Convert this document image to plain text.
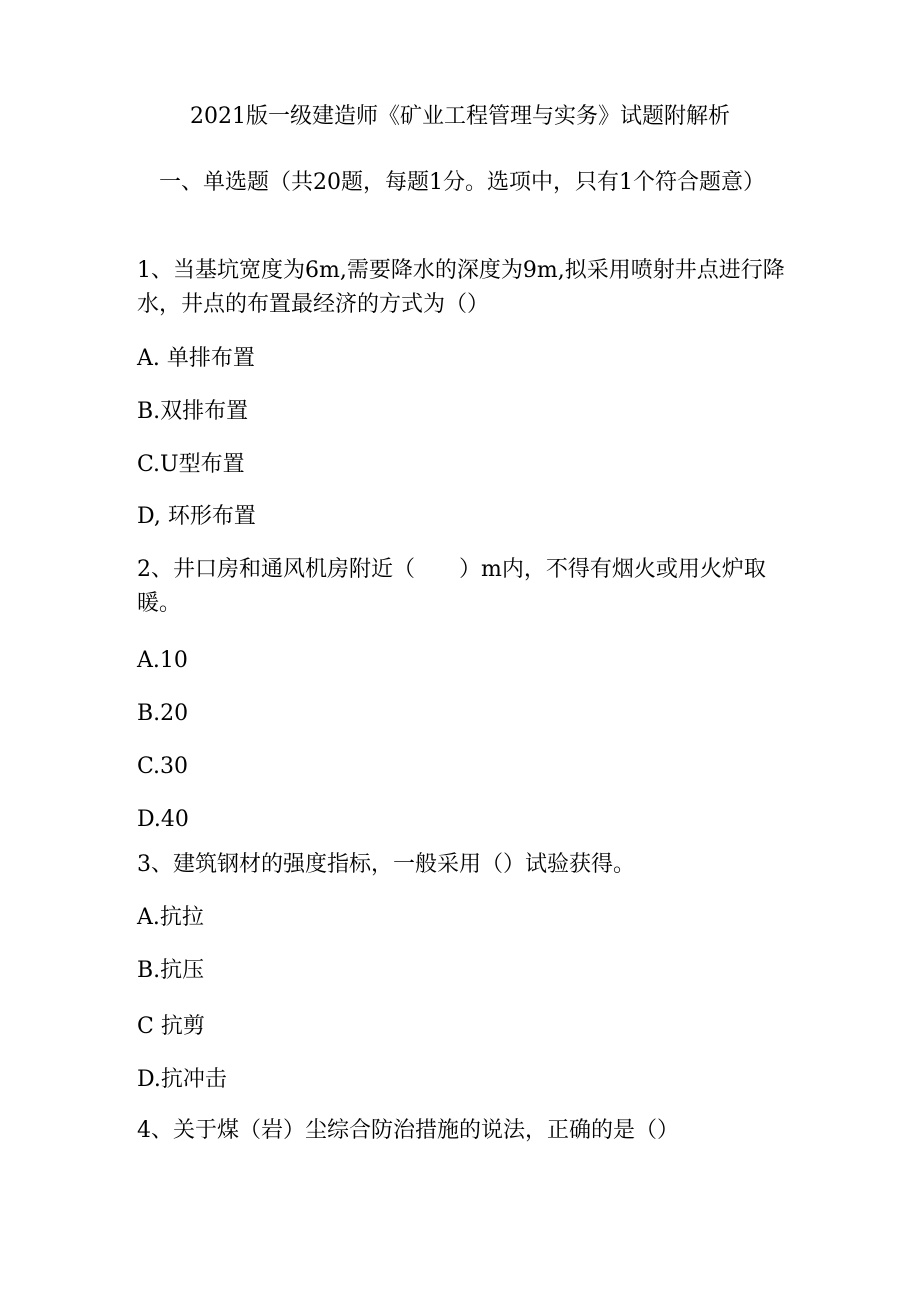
2021版一级建造师《矿业工程管理与实务》试题附解析

一、单选题（共20题，每题1分。选项中，只有1个符合题意）

1、当基坑宽度为6m,需要降水的深度为9m,拟采用喷射井点进行降水，井点的布置最经济的方式为（）

A. 单排布置

B.双排布置

C.U型布置

D, 环形布置

2、井口房和通风机房附近（　　）m内，不得有烟火或用火炉取暖。

A.10

B.20

C.30

D.40

3、建筑钢材的强度指标，一般采用（）试验获得。

A.抗拉

B.抗压

C 抗剪

D.抗冲击

4、关于煤（岩）尘综合防治措施的说法，正确的是（）
